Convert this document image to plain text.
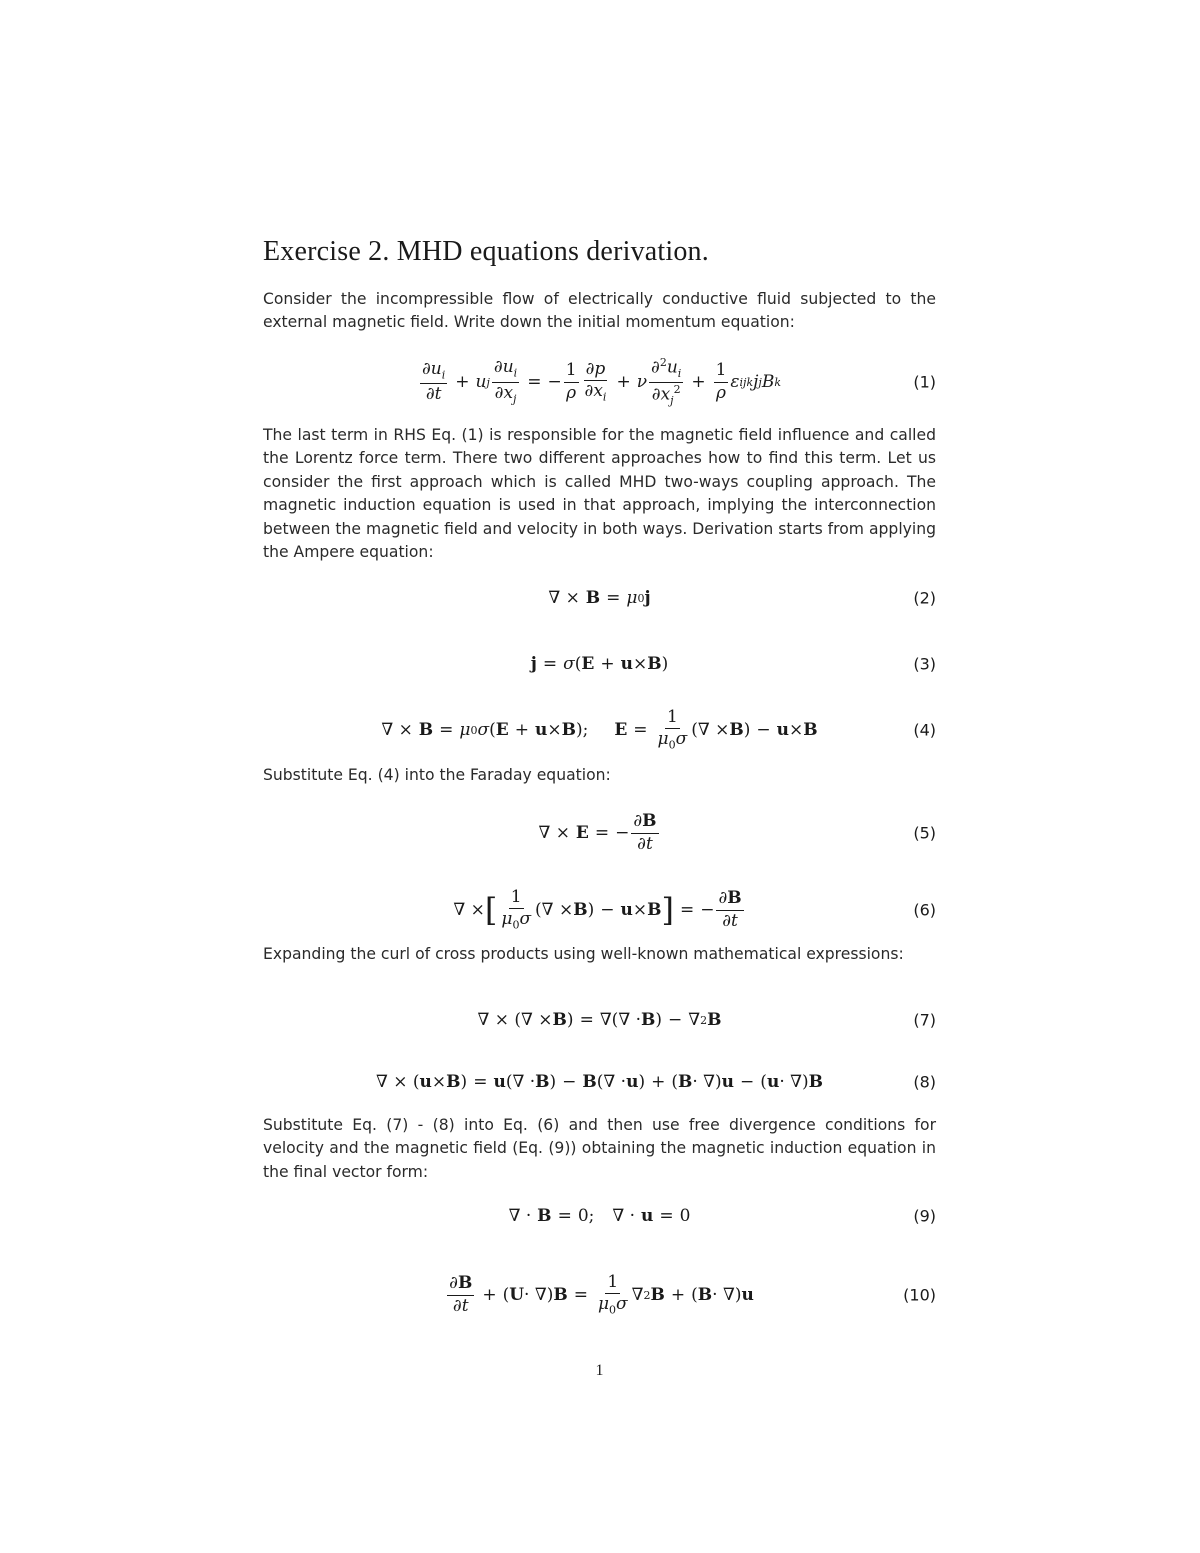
Exercise 2. MHD equations derivation.

Consider the incompressible flow of electrically conductive fluid subjected to the external magnetic field. Write down the initial momentum equation:

$\frac{\partial u_i}{\partial t} + u$ j $\frac{\partial u_i}{\partial x_j}$ = − $\frac{1}{\rho} \frac{\partial p}{\partial x_i} + \nu \frac{\partial^2u_i}{\partial x_j^2} + \frac{1}{\rho}$ ε ijk j j B k	(1)

The last term in RHS Eq. (1) is responsible for the magnetic field influence and called the Lorentz force term. There two different approaches how to find this term. Let us consider the first approach which is called MHD two-ways coupling approach. The magnetic induction equation is used in that approach, implying the interconnection between the magnetic field and velocity in both ways. Derivation starts from applying the Ampere equation:

∇ × B = μ 0 j	(2)
j = σ ( E + u × B )	(3)
∇ × B = μ 0 σ ( E + u × B ); $E = \frac{1}{\mu_0\sigma}$ (∇ × B ) − u × B	(4)

Substitute Eq. (4) into the Faraday equation:

∇ × E = − $\frac{\partial B}{\partial t}$	(5)
∇ × [ $\frac{1}{\mu_0\sigma}$ (∇ × B ) − u × B ] = − $\frac{\partial B}{\partial t}$	(6)

Expanding the curl of cross products using well-known mathematical expressions:

∇ × (∇ × B ) = ∇(∇ · B ) − ∇ 2 B	(7)
∇ × ( u × B ) = u (∇ · B ) − B (∇ · u ) + ( B · ∇) u − ( u · ∇) B	(8)

Substitute Eq. (7) - (8) into Eq. (6) and then use free divergence conditions for velocity and the magnetic field (Eq. (9)) obtaining the magnetic induction equation in the final vector form:

∇ · B = 0; ∇ · u = 0	(9)
$\frac{\partial B}{\partial t}$ + ( U · ∇) $B = \frac{1}{\mu_0\sigma}$ ∇ 2 B + ( B · ∇) u	(10)
1
